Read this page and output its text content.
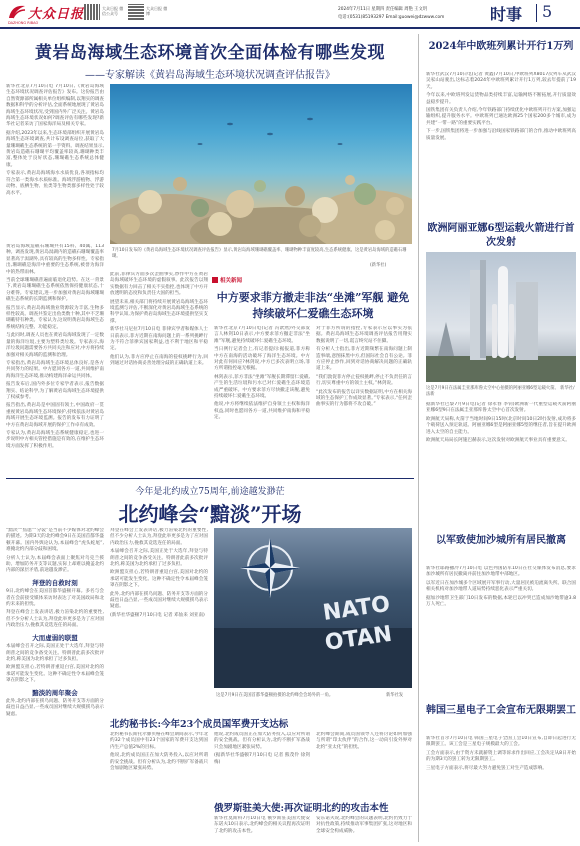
大众日报
DAZHONG RIBAO
大众日报 微信公众号
大众日报 微博
2024年7月11日 星期四 责任编辑 周艳 王文玥
电话:(0531)85193297 Email:guowei@dzwww.com	时事 5
黄岩岛海域生态环境首次全面体检有哪些发现
——专家解读《黄岩岛海域生态环境状况调查评估报告》

新华社北京7月10日电 7月10日,《黄岩岛海域生态环境状况调查评估报告》发布。这份报告由自然资源部所属相关单位组织编制,以翔实的调查数据和科学的分析评估,全面系统地展现了黄岩岛海域生态环境状况,受到国内外广泛关注。黄岩岛海域生态环境状况如何?调查评估有哪些发现?新华社记者采访了国家海洋局及相关专家。

据介绍,2023年以来,生态环境部组织开展黄岩岛海域生态环境调查,共计布设调查站位,获取了大量珊瑚礁生态系统的第一手资料。调查结果显示,黄岩岛造礁石珊瑚平均覆盖率较高,珊瑚种类丰富,整体处于良好状态,珊瑚礁生态系统总体健康。

专家表示,黄岩岛海域海水水质优良,各项指标均符合第一类海水水质标准。海域浮游植物、浮游动物、底栖生物、鱼类等生物类群多样性处于较高水平。

黄岩岛海域造礁石珊瑚共有15科、40属、113种。调查发现,黄岩岛潟湖内的造礁石珊瑚覆盖率显著高于潟湖外,具有较高的生物多样性。专家指出,珊瑚礁是海洋中重要的生态系统,被誉为海洋中的热带雨林。

当前全球珊瑚礁普遍面临退化趋势。在这一背景下,黄岩岛珊瑚礁生态系统依然保持健康状态,十分难得。专家建议,进一步加强对黄岩岛海域珊瑚礁生态系统的长期监测和保护。

报告显示,黄岩岛海域渔业资源较为丰富,生物多样性较高。调查共鉴定出鱼类数十种,其中不乏珊瑚礁特有种类。专家认为,这说明黄岩岛海域生态系统结构完整、功能稳定。

与此同时,调查人员也在黄岩岛海域发现了一定数量的海洋垃圾,主要为塑料类垃圾。专家表示,海洋垃圾问题需要各方共同关注和应对,中方将持续加强对相关海域的监测和治理。

专家指出,黄岩岛海域生态环境总体良好,是各方共同努力的结果。中方愿同各方一道,共同维护南海海洋生态环境,推动构建海洋命运共同体。

报告发布后,国内外多位专家学者表示,报告数据翔实、结论科学,为了解黄岩岛海域生态环境提供了权威参考。

报告指出,黄岩岛是中国固有领土,中国政府一贯重视黄岩岛海域生态环境保护,持续依法对黄岩岛海域开展生态环境监测。报告的发布有力证明了中方在黄岩岛海域开展的保护工作卓有成效。

专家认为,黄岩岛海域生态系统健康稳定,也进一步说明中方相关管控措施是有效的,在维护生态环境方面发挥了积极作用。

7月10日发布的《黄岩岛海域生态环境状况调查评估报告》显示,黄岩岛海域珊瑚礁覆盖率、珊瑚物种丰富度较高,生态系统健康。这是黄岩岛海域的造礁石珊瑚。
(新华社)

此前,菲律宾方面多次歪曲事实,炒作中方在黄岩岛海域破坏生态环境的虚假叙事。此次报告以翔实数据有力回击了相关不实指控,也体现了中方开放透明的态度和负责任大国的担当。

展望未来,相关部门将持续开展黄岩岛海域生态环境监测与评估,不断深化对黄岩岛海域生态系统的科学认知,为保护黄岩岛海域生态环境提供坚实支撑。

新华社马尼拉7月10日电 菲律宾学者和媒体人士日前表示,菲方近期在南海问题上的一系列挑衅行为不符合菲律宾国家利益,也不利于地区和平稳定。

他们认为,菲方应停止在南海的侵权挑衅行为,回到通过对话协商妥善处理分歧的正确轨道上来。

相关新闻
中方要求菲方撤走非法“坐滩”军舰 避免持续破坏仁爱礁生态环境

新华社北京7月10日电(记者 冯歆然)外交部发言人林剑10日表示,中方要求菲方撤走非法“坐滩”军舰,避免持续破坏仁爱礁生态环境。

当日例行记者会上,有记者提问:据报道,菲方称中方在南海的活动破坏了海洋生态环境。中方对此有何回应?林剑说,中方已多次表明立场,菲方所谓指控毫无根据。

林剑表示,菲方非法“坐滩”军舰长期滞留仁爱礁,产生的生活垃圾和污水已对仁爱礁生态环境造成严重破坏。中方要求菲方尽快撤走该舰,避免持续破坏仁爱礁生态环境。

他说,中方将继续依法维护自身领土主权和海洋权益,同时也愿同各方一道,共同维护南海和平稳定。

对于菲方所谓的指控,专家表示应以事实为依据。黄岩岛海域生态环境调查评估报告用翔实数据说明了一切,谎言终究站不住脚。

有分析人士指出,菲方近期频繁在南海问题上制造事端,意图抹黑中方,但国际社会自有公论。菲方应停止炒作,回到对话协商解决问题的正确轨道上来。

“我们敦促菲方停止侵权挑衅,停止不负责任的言行,切实尊重中方的领土主权。”林剑说。

“此次发布的报告以详实数据证明,中方在相关海域的生态保护工作成效显著。”专家表示,“任何歪曲事实的行为都将不攻自破。”

今年是北约成立75周年,前途越发渺茫
北约峰会“黯淡”开场

“黯淡”“焦虑”“分裂”是当前不少媒体对北约峰会的描述。为期3天的北约峰会9日在美国首都华盛顿开幕。国内外舆论认为,本届峰会“虎头蛇尾”,难掩北约内部分歧和困境。

分析人士认为,本届峰会表面上聚焦对乌克兰援助、增加防务开支等议题,实际上却难以掩盖北约内部的深层矛盾,前途越发渺茫。

拜登的自救时刻

9日,北约峰会在美国首都华盛顿开幕。多名与会者在会前接受媒体采访时表达了对美国政局和北约未来的担忧。

拜登在峰会上发表讲话,极力渲染北约的重要性,但不少分析人士认为,拜登此举更多是为了应对国内政治压力,挽救其竞选连任的局面。

大而虚弱的联盟

本届峰会召开之际,美国正处于大选年,拜登与特朗普之间的竞争备受关注。特朗普此前多次批评北约,称美国为北约承担了过多负担。

欧洲盟友担心,若特朗普重返白宫,美国对北约的承诺可能发生变化。这种不确定性令本届峰会笼罩在阴影之下。

黯淡的周年聚会

此外,北约内部在援乌问题、防务开支等方面的分歧也日益凸显,一些成员国对继续大规模援乌表示疑虑。

拜登在峰会上发表讲话,极力渲染北约的重要性,但不少分析人士认为,拜登此举更多是为了应对国内政治压力,挽救其竞选连任的局面。

本届峰会召开之际,美国正处于大选年,拜登与特朗普之间的竞争备受关注。特朗普此前多次批评北约,称美国为北约承担了过多负担。

欧洲盟友担心,若特朗普重返白宫,美国对北约的承诺可能发生变化。这种不确定性令本届峰会笼罩在阴影之下。

此外,北约内部在援乌问题、防务开支等方面的分歧也日益凸显,一些成员国对继续大规模援乌表示疑虑。

(新华社华盛顿7月10日电 记者 邓仙来 刘亚南)	NATO
OTAN
这是7月9日在美国首都华盛顿拍摄的北约峰会会场外的一角。	新华社发
北约秘书长:今年23个成员国军费开支达标

北约秘书长斯托尔滕贝格在峰会期间表示,今年北约32个成员国中有23个国家的军费开支达到国内生产总值2%的目标。

他说,北约成员国正在加大防务投入,以应对所谓的安全挑战。但有分析认为,北约不断扩军备战只会加剧地区紧张局势。

他说,北约成员国正在加大防务投入,以应对所谓的安全挑战。但有分析认为,北约不断扩军备战只会加剧地区紧张局势。

(据新华社华盛顿7月10日电 记者 熊茂伶 徐剑梅)

北约峰会期间,成员国领导人还将讨论如何加强与所谓“印太伙伴”的合作,这一动向引发外界对北约“亚太化”的担忧。

俄罗斯驻美大使:再次证明北约的攻击本性

新华社莫斯科7月10日电 俄罗斯驻美国大使安东诺夫10日表示,北约峰会的相关议程再次证明了北约的攻击本性。

安东诺夫说,北约峰会的议题表明,北约仍致力于对抗性政策,持续推动军事集团扩张,这对地区和全球安全构成威胁。

2024年中欧班列累计开行1万列

新华社武汉7月10日电(记者 黄鑫)7月10日,中欧班列X8017次列车从武汉吴家山站驶出,这标志着2024年中欧班列累计开行1万列,较去年提前了19天。

今年以来,中欧班列发运货物品类持续丰富,运输网络不断拓展,开行质量效益稳步提升。

国铁集团有关负责人介绍,今年铁路部门持续优化中欧班列开行方案,加强运输组织,提升服务水平。中欧班列已通达欧洲25个国家200多个城市,成为共建“一带一路”的重要实践平台。

下一步,国铁集团将进一步加强与沿线国家铁路部门的合作,推动中欧班列高质量发展。

欧洲阿丽亚娜6型运载火箭进行首次发射
这是7月9日在法属圭亚那库鲁太空中心拍摄的阿丽亚娜6型运载火箭。 新华社/法新

据新华社巴黎7月9日电(记者 徐永春 李钊)欧洲新一代重型运载火箭阿丽亚娜6型9日在法属圭亚那库鲁太空中心首次发射。

欧洲航天局称,火箭于当地时间9日15时(北京时间10日2时)发射,成功将多个载荷送入预定轨道。阿丽亚娜6型是阿丽亚娜5型的继任者,旨在提升欧洲进入太空的自主能力。

欧洲航天局局长阿施巴赫表示,这次发射对欧洲航天事业具有重要意义。

以军致使加沙城所有居民撤离

新华社耶路撒冷7月10日电 以色列国防军10日在社交媒体发布消息,要求加沙城所有居民撤离并前往加沙地带中部地区。

以军近日在加沙城多个区域展开军事行动,大量居民被迫流离失所。联合国相关机构对加沙地带人道局势持续恶化表示严重关切。

据加沙地带卫生部门10日发布的数据,本轮巴以冲突已造成加沙地带逾3.8万人死亡。

韩国三星电子工会宣布无限期罢工

新华社首尔7月10日电 韩国三星电子全国工会10日宣布,自即日起进行无限期罢工。该工会是三星电子规模最大的工会。

工会方面表示,由于资方未就薪资上调等诉求作出回应,工会决定从8日开始的为期3天的罢工转为无限期罢工。

三星电子方面表示,将尽最大努力避免罢工对生产造成影响。
